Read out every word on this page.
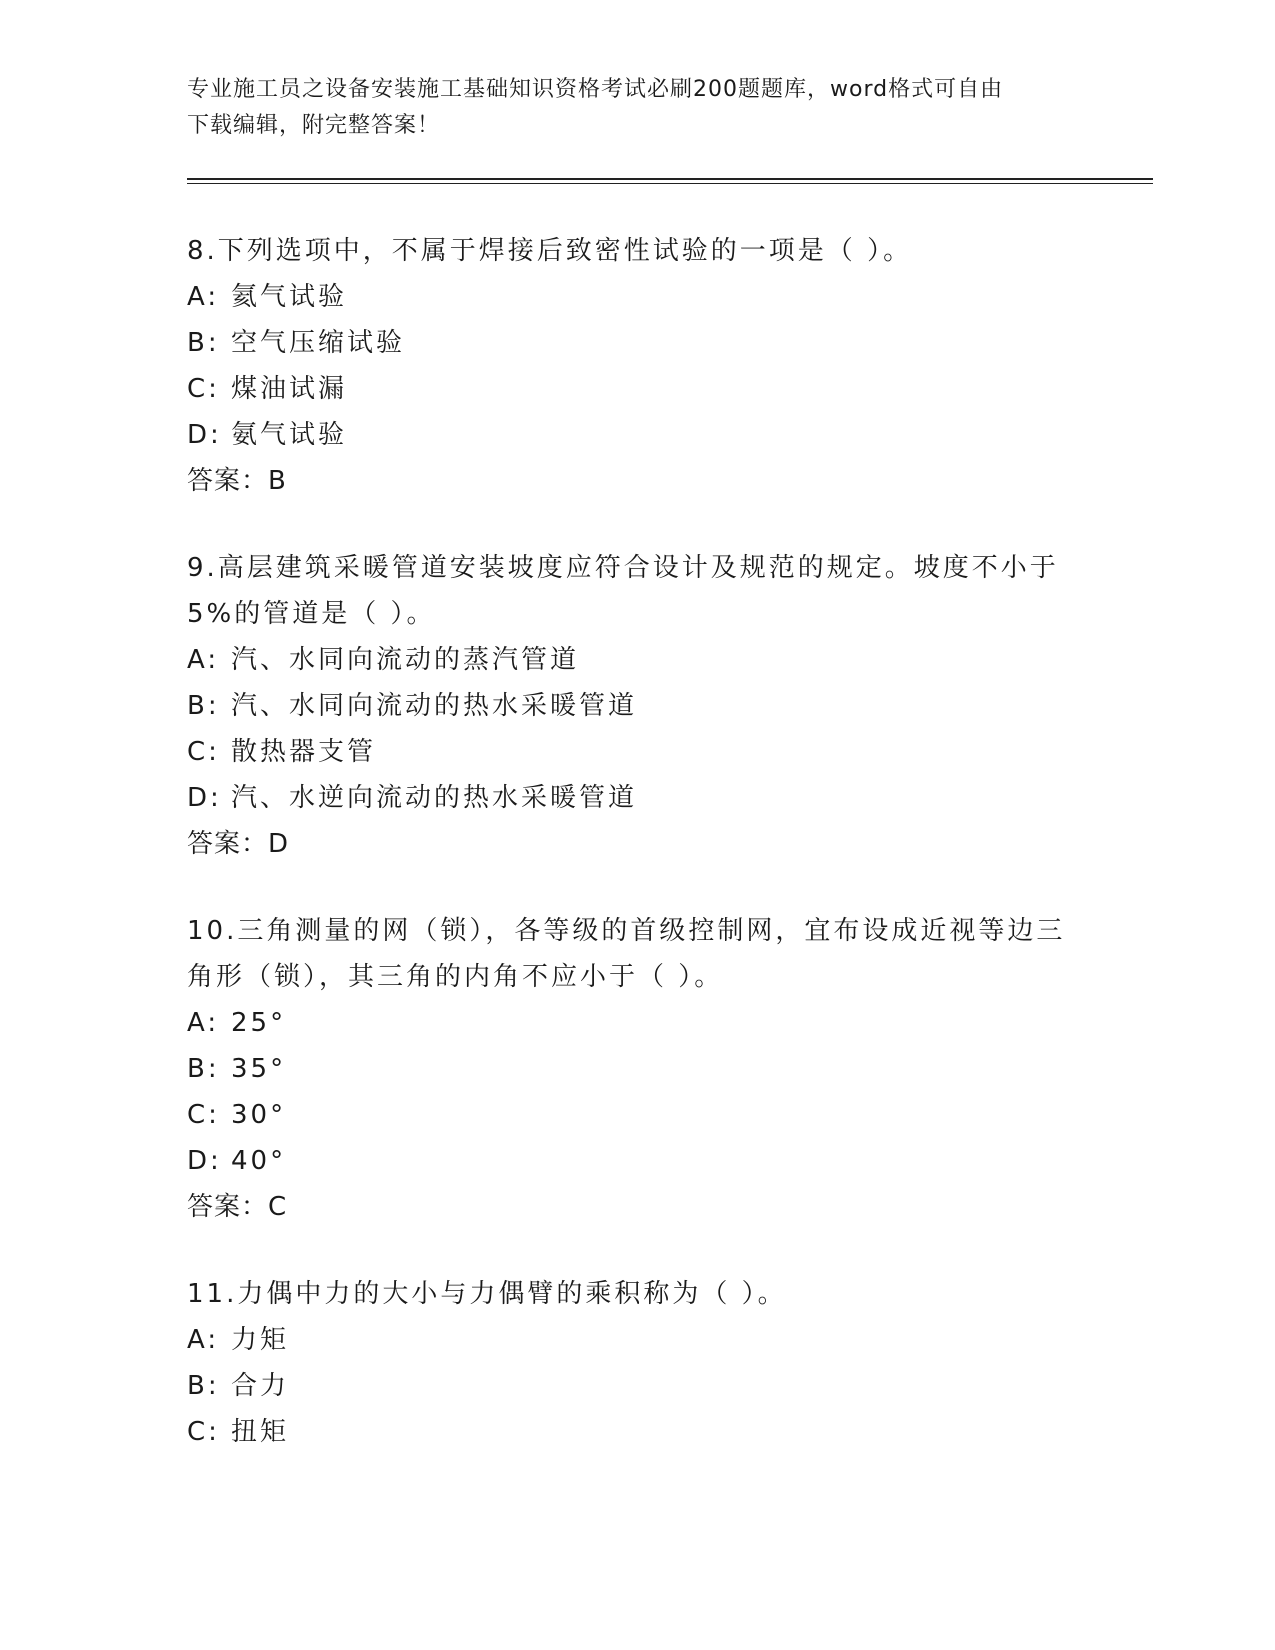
专业施工员之设备安装施工基础知识资格考试必刷200题题库，word格式可自由
下载编辑，附完整答案！

8.下列选项中，不属于焊接后致密性试验的一项是（ ）。

A: 氦气试验

B: 空气压缩试验

C: 煤油试漏

D: 氨气试验

答案：B

9.高层建筑采暖管道安装坡度应符合设计及规范的规定。坡度不小于

5%的管道是（ ）。

A: 汽、水同向流动的蒸汽管道

B: 汽、水同向流动的热水采暖管道

C: 散热器支管

D: 汽、水逆向流动的热水采暖管道

答案：D

10.三角测量的网（锁），各等级的首级控制网，宜布设成近视等边三

角形（锁），其三角的内角不应小于（ ）。

A: 25°

B: 35°

C: 30°

D: 40°

答案：C

11.力偶中力的大小与力偶臂的乘积称为（ ）。

A: 力矩

B: 合力

C: 扭矩
